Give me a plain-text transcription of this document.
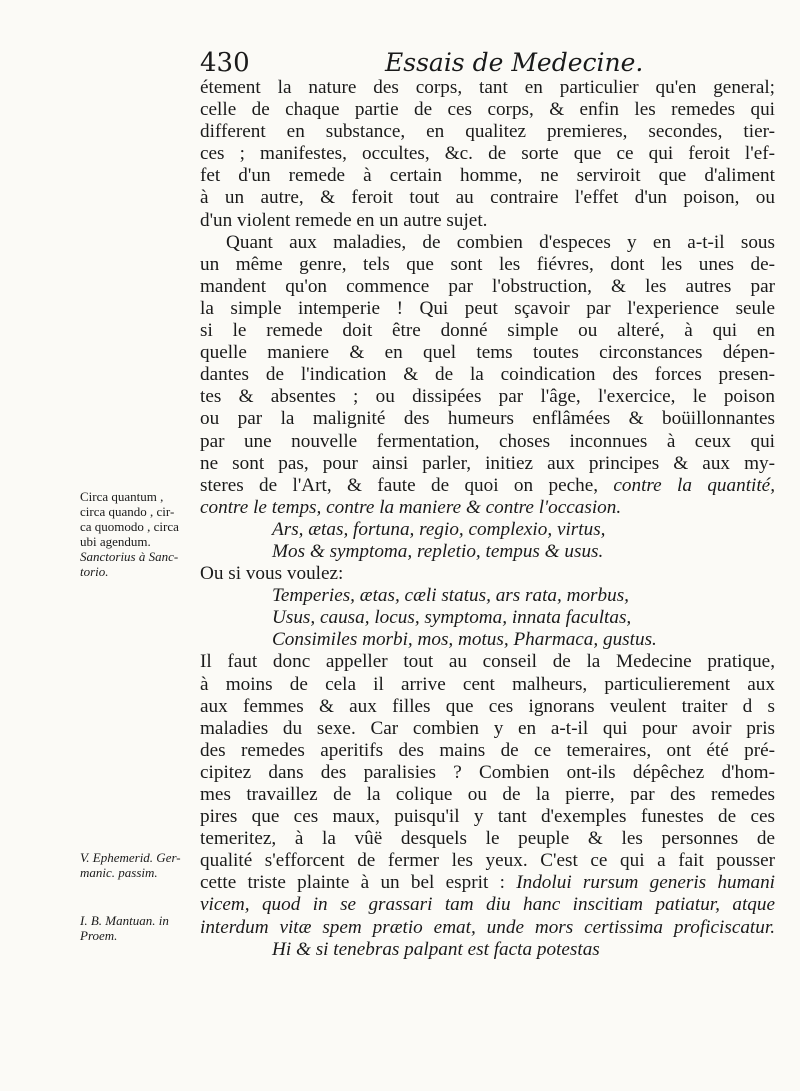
430	Essais de Medecine.

étement la nature des corps, tant en particulier qu'en general;
celle de chaque partie de ces corps, & enfin les remedes qui
different en substance, en qualitez premieres, secondes, tier-
ces ; manifestes, occultes, &c. de sorte que ce qui feroit l'ef-
fet d'un remede à certain homme, ne serviroit que d'aliment
à un autre, & feroit tout au contraire l'effet d'un poison, ou
d'un violent remede en un autre sujet.

Quant aux maladies, de combien d'especes y en a-t-il sous

un même genre, tels que sont les fiévres, dont les unes de-
mandent qu'on commence par l'obstruction, & les autres par
la simple intemperie ! Qui peut sçavoir par l'experience seule
si le remede doit être donné simple ou alteré, à qui en
quelle maniere & en quel tems toutes circonstances dépen-
dantes de l'indication & de la coindication des forces presen-
tes & absentes ; ou dissipées par l'âge, l'exercice, le poison
ou par la malignité des humeurs enflâmées & boüillonnantes
par une nouvelle fermentation, choses inconnues à ceux qui
ne sont pas, pour ainsi parler, initiez aux principes & aux my-
steres de l'Art, & faute de quoi on peche, contre la quantité,
contre le temps, contre la maniere & contre l'occasion.

Ars, ætas, fortuna, regio, complexio, virtus,
Mos & symptoma, repletio, tempus & usus.

Ou si vous voulez:

Temperies, ætas, cæli status, ars rata, morbus,
Usus, causa, locus, symptoma, innata facultas,
Consimiles morbi, mos, motus, Pharmaca, gustus.

Il faut donc appeller tout au conseil de la Medecine pratique,
à moins de cela il arrive cent malheurs, particulierement aux
aux femmes & aux filles que ces ignorans veulent traiter d s
maladies du sexe. Car combien y en a-t-il qui pour avoir pris
des remedes aperitifs des mains de ce temeraires, ont été pré-
cipitez dans des paralisies ? Combien ont-ils dépêchez d'hom-
mes travaillez de la colique ou de la pierre, par des remedes
pires que ces maux, puisqu'il y tant d'exemples funestes de ces
temeritez, à la vûë desquels le peuple & les personnes de
qualité s'efforcent de fermer les yeux. C'est ce qui a fait pousser
cette triste plainte à un bel esprit : Indolui rursum generis humani
vicem, quod in se grassari tam diu hanc inscitiam patiatur, atque
interdum vitæ spem prætio emat, unde mors certissima proficiscatur.
Hi & si tenebras palpant est facta potestas

Circa quantum ,
circa quando , cir-
ca quomodo , circa
ubi agendum.
Sanctorius à Sanc-
torio.
V. Ephemerid. Ger-
manic. passim.
I. B. Mantuan. in
Proem.
